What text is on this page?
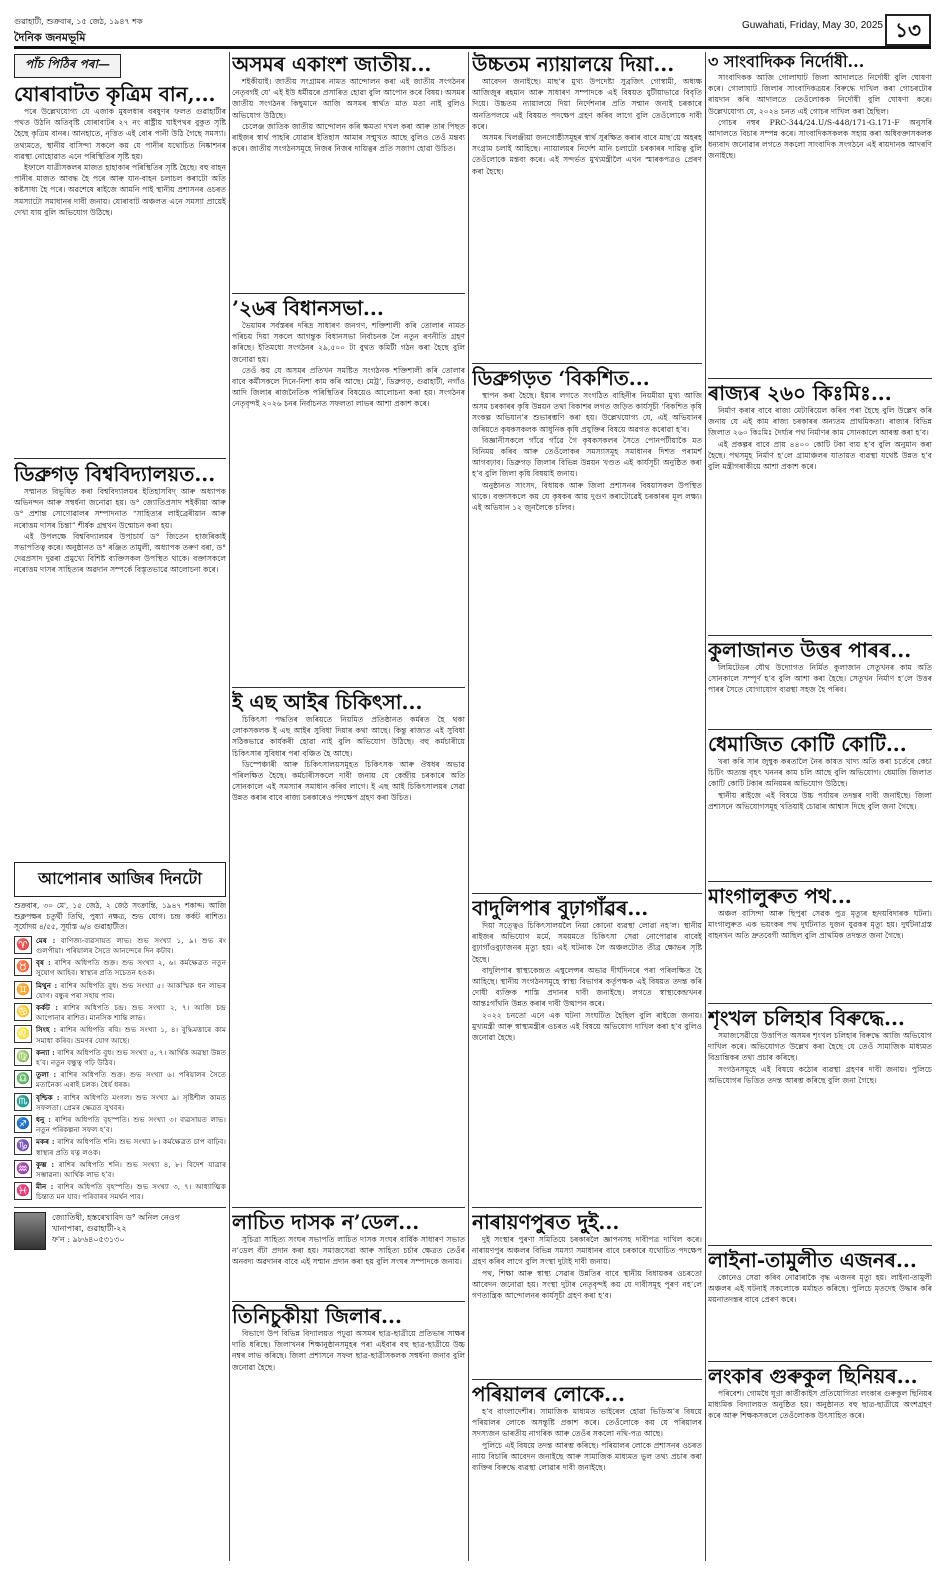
গুৱাহাটী, শুক্ৰবাৰ, ১৫ জেঠ, ১৯৪৭ শক
দৈনিক জনমভূমি
Guwahati, Friday, May 30, 2025 ১৩
পাঁচ পিঠিৰ পৰা—
যোৰাবাটত কৃত্ৰিম বান,...

পৰে উল্লেখযোগ্য যে এজাক মুষলধাৰ বৰষুণৰ ফলত গুৱাহাটীৰ পথত উঠনি অতিবৃষ্টি যোৰাবাটৰ ২৭ নং ৰাষ্ট্ৰীয় ঘাইপথৰ বুকুত সৃষ্টি হৈছে কৃত্ৰিম বানৰ। আনহাতে, নৃত্তিত এই বোৰ পানী উঠি গৈছে সমস্যা। তথ্যমতে, স্থানীয় বাসিন্দা সকলে কয় যে পানীৰ যথোচিত নিষ্কাশনৰ ব্যৱস্থা নোহোৱাত এনে পৰিস্থিতিৰ সৃষ্টি হয়।

ইফালে যাত্ৰীসকলৰ মাজত হাহাকাৰ পৰিস্থিতিৰ সৃষ্টি হৈছে। বহু বাহন পানীৰ মাজত আবদ্ধ হৈ পৰে আৰু যান-বাহন চলাচল কৰাটো অতি কষ্টসাধ্য হৈ পৰে। অৱশেষে ৰাইজে আমনি পাই স্থানীয় প্ৰশাসনৰ ওচৰত সমস্যাটো সমাধানৰ দাবী জনায়। যোৰাবাট অঞ্চলত এনে সমস্যা প্ৰায়েই দেখা যায় বুলি অভিযোগ উঠিছে।

ডিব্ৰুগড় বিশ্ববিদ্যালয়ত...

সম্মানত বিভূষিত কৰা বিশ্ববিদ্যালয়ৰ ইতিহাসবিদ্ আৰু অধ্যাপক অভিনন্দন আৰু সম্বৰ্ধনা জনোৱা হয়। ড° জ্যোতিপ্ৰসাদ শইকীয়া আৰু ড° প্ৰশান্ত সোণোৱালৰ সম্পাদনাত “সাহিত্যৰ লাইব্ৰেৰীয়ান আৰু নৰোত্তম দাসৰ চিন্তা” শীৰ্ষক গ্ৰন্থখন উন্মোচন কৰা হয়।

এই উপলক্ষে বিশ্ববিদ্যালয়ৰ উপাচাৰ্য ড° জিতেন হাজৰিকাই সভাপতিত্ব কৰে। অনুষ্ঠানত ড° ৰঞ্জিত তামুলী, অধ্যাপক তৰুণ বৰা, ড° দেৱপ্ৰসাদ দুৱৰা প্ৰমুখ্যে বিশিষ্ট ব্যক্তিসকল উপস্থিত থাকে। বক্তাসকলে নৰোত্তম দাসৰ সাহিত্যৰ অৱদান সম্পৰ্কে বিস্তৃতভাৱে আলোচনা কৰে।

আপোনাৰ আজিৰ দিনটো
শুক্ৰবাৰ, ৩০ মে', ১৫ জেঠ, ২ জেঠ সংক্ৰান্তি, ১৯৪৭ শকাব্দ। আজি শুক্লপক্ষৰ চতুৰ্থী তিথি, পুষ্যা নক্ষত্ৰ, শুভ যোগ। চন্দ্ৰ কৰ্কট ৰাশিত। সূৰ্যোদয় ৪/৫৫, সূৰ্যাস্ত ৬/৪ গুৱাহাটীত।
♈ মেষ : বাণিজ্য-ব্যৱসায়ত লাভ। শুভ সংখ্যা ১, ৯। শুভ ৰং গুলপীয়া। পৰিয়ালৰ সৈতে আনন্দেৰে দিন কটাব।
♉ বৃষ : ৰাশিৰ অধিপতি শুক্ৰ। শুভ সংখ্যা ২, ৬। কৰ্মক্ষেত্ৰত নতুন সুযোগ আহিব। স্বাস্থ্যৰ প্ৰতি সচেতন হওক।
♊ মিথুন : ৰাশিৰ অধিপতি বুধ। শুভ সংখ্যা ৫। আকস্মিক ধন লাভৰ যোগ। বন্ধুৰ পৰা সহায় পাব।
♋ কৰ্কট : ৰাশিৰ অধিপতি চন্দ্ৰ। শুভ সংখ্যা ২, ৭। আজি চন্দ্ৰ আপোনাৰ ৰাশিত। মানসিক শান্তি লাভ।
♌ সিংহ : ৰাশিৰ অধিপতি ৰবি। শুভ সংখ্যা ১, ৪। বুদ্ধিমত্তাৰে কাম সমাধা কৰিব। ভ্ৰমণৰ যোগ আছে।
♍ কন্যা : ৰাশিৰ অধিপতি বুধ। শুভ সংখ্যা ৫, ৭। আৰ্থিক অৱস্থা উন্নত হ’ব। নতুন বন্ধুত্ব গঢ়ি উঠিব।
♎ তুলা : ৰাশিৰ অধিপতি শুক্ৰ। শুভ সংখ্যা ৬। পৰিয়ালৰ সৈতে মতানৈক্য এৰাই চলক। ধৈৰ্য ধৰক।
♏ বৃশ্চিক : ৰাশিৰ অধিপতি মংগল। শুভ সংখ্যা ৯। সৃষ্টিশীল কামত সফলতা। প্ৰেমৰ ক্ষেত্ৰত সুখবৰ।
♐ ধনু : ৰাশিৰ অধিপতি বৃহস্পতি। শুভ সংখ্যা ৩। ব্যৱসায়ত লাভ। নতুন পৰিকল্পনা সফল হ’ব।
♑ মকৰ : ৰাশিৰ অধিপতি শনি। শুভ সংখ্যা ৮। কৰ্মক্ষেত্ৰত চাপ বাঢ়িব। স্বাস্থ্যৰ প্ৰতি যত্ন লওক।
♒ কুম্ভ : ৰাশিৰ অধিপতি শনি। শুভ সংখ্যা ৪, ৮। বিদেশ যাত্ৰাৰ সম্ভাৱনা। আৰ্থিক লাভ হ’ব।
♓ মীন : ৰাশিৰ অধিপতি বৃহস্পতি। শুভ সংখ্যা ৩, ৭। আধ্যাত্মিক চিন্তাত মন যাব। পৰিবাৰৰ সমৰ্থন পাব।
জ্যোতিষী, হস্তৰেখাবিদ ড° অনিল নেওগ
খানাপাৰা, গুৱাহাটী-২২
ফ'ন : ৯৮৬৪০৫৩১৩০
অসমৰ একাংশ জাতীয়...

শইকীয়াই। জাতীয় সংগ্ৰামৰ নামত আন্দোলন কৰা এই জাতীয় সংগঠনৰ নেতৃবৰ্গই যে’ এই ইউ ধৰ্মীয়ৰে প্ৰসাৰিত হোৱা বুলি আপোন কৰে বিষয়। অসমৰ জাতীয় সংগঠনৰ কিছুমানে আজি অসমৰ স্বাৰ্থত মাত মতা নাই বুলিও অভিযোগ উঠিছে।

চেলেঞ্জ জাতিক জাতীয় আন্দোলন কৰি ক্ষমতা দখল কৰা আৰু তাৰ পিছত ৰাইজৰ স্বাৰ্থ পাহৰি যোৱাৰ ইতিহাস আমাৰ সন্মুখত আছে বুলিও তেওঁ মন্তব্য কৰে। জাতীয় সংগঠনসমূহে নিজৰ নিজৰ দায়িত্বৰ প্ৰতি সজাগ হোৱা উচিত।

’২৬ৰ বিধানসভা...

ভৈয়ামৰ সৰ্বস্তৰৰ দৰিদ্ৰ সাধাৰণ জনগণ, শক্তিশালী কৰি তোলাৰ নামত পৰিচয় দিয়া সকলে আগন্তুক বিধানসভা নিৰ্বাচনক লৈ নতুন ৰণনীতি গ্ৰহণ কৰিছে। ইতিমধ্যে সংগঠনৰ ২৯,৫০০ টা বুথত কমিটী গঠন কৰা হৈছে বুলি জনোৱা হয়।

তেওঁ কয় যে অসমৰ প্ৰতিখন সমষ্টিত সংগঠনক শক্তিশালী কৰি তোলাৰ বাবে কৰ্মীসকলে দিনে-নিশা কাম কৰি আছে। মেট্ৰ’, ডিব্ৰুগড়, গুৱাহাটী, নগাঁও আদি জিলাৰ ৰাজনৈতিক পৰিস্থিতিৰ বিষয়েও আলোচনা কৰা হয়। সংগঠনৰ নেতৃবৃন্দই ২০২৬ চনৰ নিৰ্বাচনত সফলতা লাভৰ আশা প্ৰকাশ কৰে।

ই এছ আইৰ চিকিৎসা...

চিকিৎসা পদ্ধতিৰ জৰিয়তে নিয়মিত প্ৰতিষ্ঠানত কৰ্মৰত হৈ থকা লোকসকলক ই এছ আইৰ সুবিধা দিয়াৰ কথা আছে। কিন্তু ৰাজ্যত এই সুবিধা সঠিকভাৱে কাৰ্যকৰী হোৱা নাই বুলি অভিযোগ উঠিছে। বহু কৰ্মচাৰীয়ে চিকিৎসাৰ সুবিধাৰ পৰা বঞ্চিত হৈ আছে।

ডিস্পেঞ্চাৰী আৰু চিকিৎসালয়সমূহত চিকিৎসক আৰু ঔষধৰ অভাৱ পৰিলক্ষিত হৈছে। কৰ্মচাৰীসকলে দাবী জনায় যে কেন্দ্ৰীয় চৰকাৰে অতি সোনকালে এই সমস্যাৰ সমাধান কৰিব লাগে। ই এছ আই চিকিৎসালয়ৰ সেৱা উন্নত কৰাৰ বাবে ৰাজ্য চৰকাৰেও পদক্ষেপ গ্ৰহণ কৰা উচিত।

লাচিত দাসক ন’ডেল...

সুচিত্ৰা সাহিত্য সংঘৰ সভাপতি লাচিত দাসক সংঘৰ বাৰ্ষিক সাধাৰণ সভাত ন’ডেল বঁটা প্ৰদান কৰা হয়। সমাজসেৱা আৰু সাহিত্য চৰ্চাৰ ক্ষেত্ৰত তেওঁৰ অনবদ্য অৱদানৰ বাবে এই সম্মান প্ৰদান কৰা হয় বুলি সংঘৰ সম্পাদকে জনায়।

তিনিচুকীয়া জিলাৰ...

বিভাগে উপ বিভিন্ন বিদ্যালয়ত পঢ়ুৱা অসমৰ ছাত্ৰ-ছাত্ৰীয়ে প্ৰতিভাৰ সাক্ষৰ দাঙি ধৰিছে। জিলাখনৰ শিক্ষানুষ্ঠানসমূহৰ পৰা এইবাৰ বহু ছাত্ৰ-ছাত্ৰীয়ে উচ্চ নম্বৰ লাভ কৰিছে। জিলা প্ৰশাসনে সফল ছাত্ৰ-ছাত্ৰীসকলক সম্বৰ্ধনা জনাব বুলি জনোৱা হৈছে।

উচ্চতম ন্যায়ালয়ে দিয়া...

আবেদন জনাইছে। মাছ’ৰ মুখ্য উপদেষ্টা সুব্ৰজিৎ গোস্বামী, অধ্যক্ষ আজিজুৰ ৰহমান আৰু সাধাৰণ সম্পাদকে এই বিষয়ত যুটীয়াভাৱে বিবৃতি দিয়ে। উচ্চতম ন্যায়ালয়ে দিয়া নিৰ্দেশনাৰ প্ৰতি সন্মান জনাই চৰকাৰে অনতিপলমে এই বিষয়ত পদক্ষেপ গ্ৰহণ কৰিব লাগে বুলি তেওঁলোকে দাবী কৰে।

অসমৰ খিলঞ্জীয়া জনগোষ্ঠীসমূহৰ স্বাৰ্থ সুৰক্ষিত কৰাৰ বাবে মাছ’য়ে অহৰহ সংগ্ৰাম চলাই আহিছে। ন্যায়ালয়ৰ নিৰ্দেশ মানি চলাটো চৰকাৰৰ দায়িত্ব বুলি তেওঁলোকে মন্তব্য কৰে। এই সন্দৰ্ভত মুখ্যমন্ত্ৰীলৈ এখন স্মাৰকপত্ৰও প্ৰেৰণ কৰা হৈছে।

ডিব্ৰুগড়ত ‘বিকশিত...

স্থাপন কৰা হৈছে। ইয়াৰ লগতে সংগঠিত বাহিনীৰ নিয়মীয়া মুখ্য আজি অসম চৰকাৰৰ কৃষি উন্নয়ন তথা বিকাশৰ লগত জড়িত কাৰ্যসূচী ‘বিকশিত কৃষি সংকল্প অভিযান’ৰ শুভাৰম্ভণি কৰা হয়। উল্লেখযোগ্য যে, এই অভিযানৰ জৰিয়তে কৃষকসকলক আধুনিক কৃষি প্ৰযুক্তিৰ বিষয়ে অৱগত কৰোৱা হ’ব।

বিজ্ঞানীসকলে গাঁৱে গাঁৱে গৈ কৃষকসকলৰ সৈতে পোনপটীয়াকৈ মত বিনিময় কৰিব আৰু তেওঁলোকৰ সমস্যাসমূহ সমাধানৰ দিশত পৰামৰ্শ আগবঢ়াব। ডিব্ৰুগড় জিলাৰ বিভিন্ন উন্নয়ন খণ্ডত এই কাৰ্যসূচী অনুষ্ঠিত কৰা হ’ব বুলি জিলা কৃষি বিষয়াই জনায়।

অনুষ্ঠানত সাংসদ, বিধায়ক আৰু জিলা প্ৰশাসনৰ বিষয়াসকল উপস্থিত থাকে। বক্তাসকলে কয় যে কৃষকৰ আয় দুগুণ কৰাটোৱেই চৰকাৰৰ মূল লক্ষ্য। এই অভিযান ১২ জুনলৈকে চলিব।

বাদুলিপাৰ বুঢ়াগাঁৱৰ...

দিয়া সত্ত্বেও চিকিৎসালয়লৈ নিয়া কোনো ব্যৱস্থা লোৱা নহ’ল। স্থানীয় ৰাইজৰ অভিযোগ মৰ্মে, সময়মতে চিকিৎসা সেৱা নোপোৱাৰ বাবেই বুঢ়াগাঁওবুঢ়াজনৰ মৃত্যু হয়। এই ঘটনাক লৈ অঞ্চলটোত তীব্ৰ ক্ষোভৰ সৃষ্টি হৈছে।

বাদুলিপাৰ স্বাস্থ্যকেন্দ্ৰত এম্বুলেন্সৰ অভাৱ দীৰ্ঘদিনৰে পৰা পৰিলক্ষিত হৈ আহিছে। স্থানীয় সংগঠনসমূহে স্বাস্থ্য বিভাগৰ কৰ্তৃপক্ষক এই বিষয়ত তদন্ত কৰি দোষী ব্যক্তিক শাস্তি প্ৰদানৰ দাবী জনাইছে। লগতে স্বাস্থ্যকেন্দ্ৰখনৰ আন্তঃগাঁথনি উন্নত কৰাৰ দাবী উত্থাপন কৰে।

২০২২ চনতো এনে এক ঘটনা সংঘটিত হৈছিল বুলি ৰাইজে জনায়। মুখ্যমন্ত্ৰী আৰু স্বাস্থ্যমন্ত্ৰীৰ ওচৰত এই বিষয়ে অভিযোগ দাখিল কৰা হ’ব বুলিও জনোৱা হৈছে।

নাৰায়ণপুৰত দুই...

দুই সংস্থাৰ পুৰণা সমিতিয়ে চৰকাৰলৈ জ্ঞাপনসহ দাবীপত্ৰ দাখিল কৰে। নাৰায়ণপুৰ অঞ্চলৰ বিভিন্ন সমস্যা সমাধানৰ বাবে চৰকাৰে যথোচিত পদক্ষেপ গ্ৰহণ কৰিব লাগে বুলি সংস্থা দুটাই দাবী জনায়।

পথ, শিক্ষা আৰু স্বাস্থ্য সেৱাৰ উন্নতিৰ বাবে স্থানীয় বিধায়কৰ ওচৰতো আবেদন জনোৱা হয়। সংস্থা দুটাৰ নেতৃবৃন্দই কয় যে দাবীসমূহ পূৰণ নহ’লে গণতান্ত্ৰিক আন্দোলনৰ কাৰ্যসূচী গ্ৰহণ কৰা হ’ব।

পৰিয়ালৰ লোকে...

হ’ব বাংলাদেশীৰ। সামাজিক মাধ্যমত ভাইৰেল হোৱা ভিডিঅ’ৰ বিষয়ে পৰিয়ালৰ লোকে অসন্তুষ্টি প্ৰকাশ কৰে। তেওঁলোকে কয় যে পৰিয়ালৰ সদস্যজন ভাৰতীয় নাগৰিক আৰু তেওঁৰ সকলো নথি-পত্ৰ আছে।

পুলিচে এই বিষয়ে তদন্ত আৰম্ভ কৰিছে। পৰিয়ালৰ লোকে প্ৰশাসনৰ ওচৰত ন্যায় বিচাৰি আবেদন জনাইছে আৰু সামাজিক মাধ্যমত ভুল তথ্য প্ৰচাৰ কৰা ব্যক্তিৰ বিৰুদ্ধে ব্যৱস্থা লোৱাৰ দাবী জনাইছে।

৩ সাংবাদিকক নিৰ্দোষী...

সাংবাদিকক আজি গোলাঘাট জিলা আদালতে নিৰ্দোষী বুলি ঘোষণা কৰে। গোলাঘাট জিলাৰ সাংবাদিকত্ৰয়ৰ বিৰুদ্ধে দাখিল কৰা গোচৰটোৰ ৰায়দান কৰি আদালতে তেওঁলোকক নিৰ্দোষী বুলি ঘোষণা কৰে। উল্লেখযোগ্য যে, ২০২৪ চনত এই গোচৰ দাখিল কৰা হৈছিল।

গোচৰ নম্বৰ PRC-344/24.U/S-448/171-G.171-F অনুসৰি আদালতে বিচাৰ সম্পন্ন কৰে। সাংবাদিকসকলক সহায় কৰা অধিবক্তাসকলক ধন্যবাদ জনোৱাৰ লগতে সকলো সাংবাদিক সংগঠনে এই ৰায়দানক আদৰণি জনাইছে।

ৰাজ্যৰ ২৬০ কিঃমিঃ...

নিৰ্মাণ কৰাৰ বাবে ৰাজ্য মেটাৰিয়েল কৰিব পৰা হৈছে বুলি উল্লেখ কৰি জনায় যে এই কাম ৰাজ্য চৰকাৰৰ অন্যতম প্ৰাথমিকতা। ৰাজ্যৰ বিভিন্ন জিলাত ২৬০ কিঃমিঃ দৈৰ্ঘ্যৰ পথ নিৰ্মাণৰ কাম সোনকালে আৰম্ভ কৰা হ’ব।

এই প্ৰকল্পৰ বাবে প্ৰায় ৪৪০০ কোটি টকা ব্যয় হ’ব বুলি অনুমান কৰা হৈছে। পথসমূহ নিৰ্মাণ হ’লে গ্ৰামাঞ্চলৰ যাতায়ত ব্যৱস্থা যথেষ্ট উন্নত হ’ব বুলি মন্ত্ৰীগৰাকীয়ে আশা প্ৰকাশ কৰে।

কুলাজানত উত্তৰ পাৰৰ...

লিমিটেডৰ যৌথ উদ্যোগত নিৰ্মিত কুলাজান সেতুখনৰ কাম অতি সোনকালে সম্পূৰ্ণ হ’ব বুলি আশা কৰা হৈছে। সেতুখন নিৰ্মাণ হ’লে উত্তৰ পাৰৰ সৈতে যোগাযোগ ব্যৱস্থা সহজ হৈ পৰিব।

ধেমাজিত কোটি কোটি...

খৰা কৰি সাৰ জুম্বুক কৰতালৈ নৈৰ কাষত খাদ্য অতি কৰা চৰ্তেৰে কেচা চিটিং অত্যন্ত বৃহৎ খননৰ কাম চলি আছে বুলি অভিযোগ। ধেমাজি জিলাত কোটি কোটি টকাৰ অনিয়মৰ অভিযোগ উঠিছে।

স্থানীয় ৰাইজে এই বিষয়ে উচ্চ পৰ্যায়ৰ তদন্তৰ দাবী জনাইছে। জিলা প্ৰশাসনে অভিযোগসমূহ খতিয়াই চোৱাৰ আশ্বাস দিছে বুলি জনা গৈছে।

মাংগালুৰুত পথ...

অঞ্চল বাসিন্দা আৰু ছিপুৰা সেৱক পুত্ৰ মৃত্যুৰ হৃদয়বিদাৰক ঘটনা। মাংগালুৰুত এক ভয়ংকৰ পথ দুৰ্ঘটনাত দুজন যুৱকৰ মৃত্যু হয়। দুৰ্ঘটনাগ্ৰস্ত বাহনখন অতি দ্ৰুতবেগী আছিল বুলি প্ৰাথমিক তদন্তত জনা গৈছে।

শৃংখল চলিহাৰ বিৰুদ্ধে...

সমাজসেৱীয়ে উত্তাপিত অসমৰ শৃংখল চলিহাৰ বিৰুদ্ধে আজি অভিযোগ দাখিল কৰে। অভিযোগত উল্লেখ কৰা হৈছে যে তেওঁ সামাজিক মাধ্যমত বিভ্ৰান্তিকৰ তথ্য প্ৰচাৰ কৰিছে।

সংগঠনসমূহে এই বিষয়ে কঠোৰ ব্যৱস্থা গ্ৰহণৰ দাবী জনায়। পুলিচে অভিযোগৰ ভিত্তিত তদন্ত আৰম্ভ কৰিছে বুলি জনা গৈছে।

লাইনা-তামুলীত এজনৰ...

কোনেও সেৱা কৰিব নোৱাৰাকৈ বৃদ্ধ এজনৰ মৃত্যু হয়। লাইনা-তামুলী অঞ্চলৰ এই ঘটনাই সকলোকে মৰ্মাহত কৰিছে। পুলিচে মৃতদেহ উদ্ধাৰ কৰি ময়নাতদন্তৰ বাবে প্ৰেৰণ কৰে।

লংকাৰ গুৰুকুল ছিনিয়ৰ...

পৰিবেশ। গোমধৈ ঘূণ্ৰা কাৰ্তীকাইস প্ৰতিযোগিতা লংকাৰ গুৰুকুল ছিনিয়ৰ মাধ্যমিক বিদ্যালয়ত অনুষ্ঠিত হয়। অনুষ্ঠানত বহু ছাত্ৰ-ছাত্ৰীয়ে অংশগ্ৰহণ কৰে আৰু শিক্ষকসকলে তেওঁলোকক উৎসাহিত কৰে।
